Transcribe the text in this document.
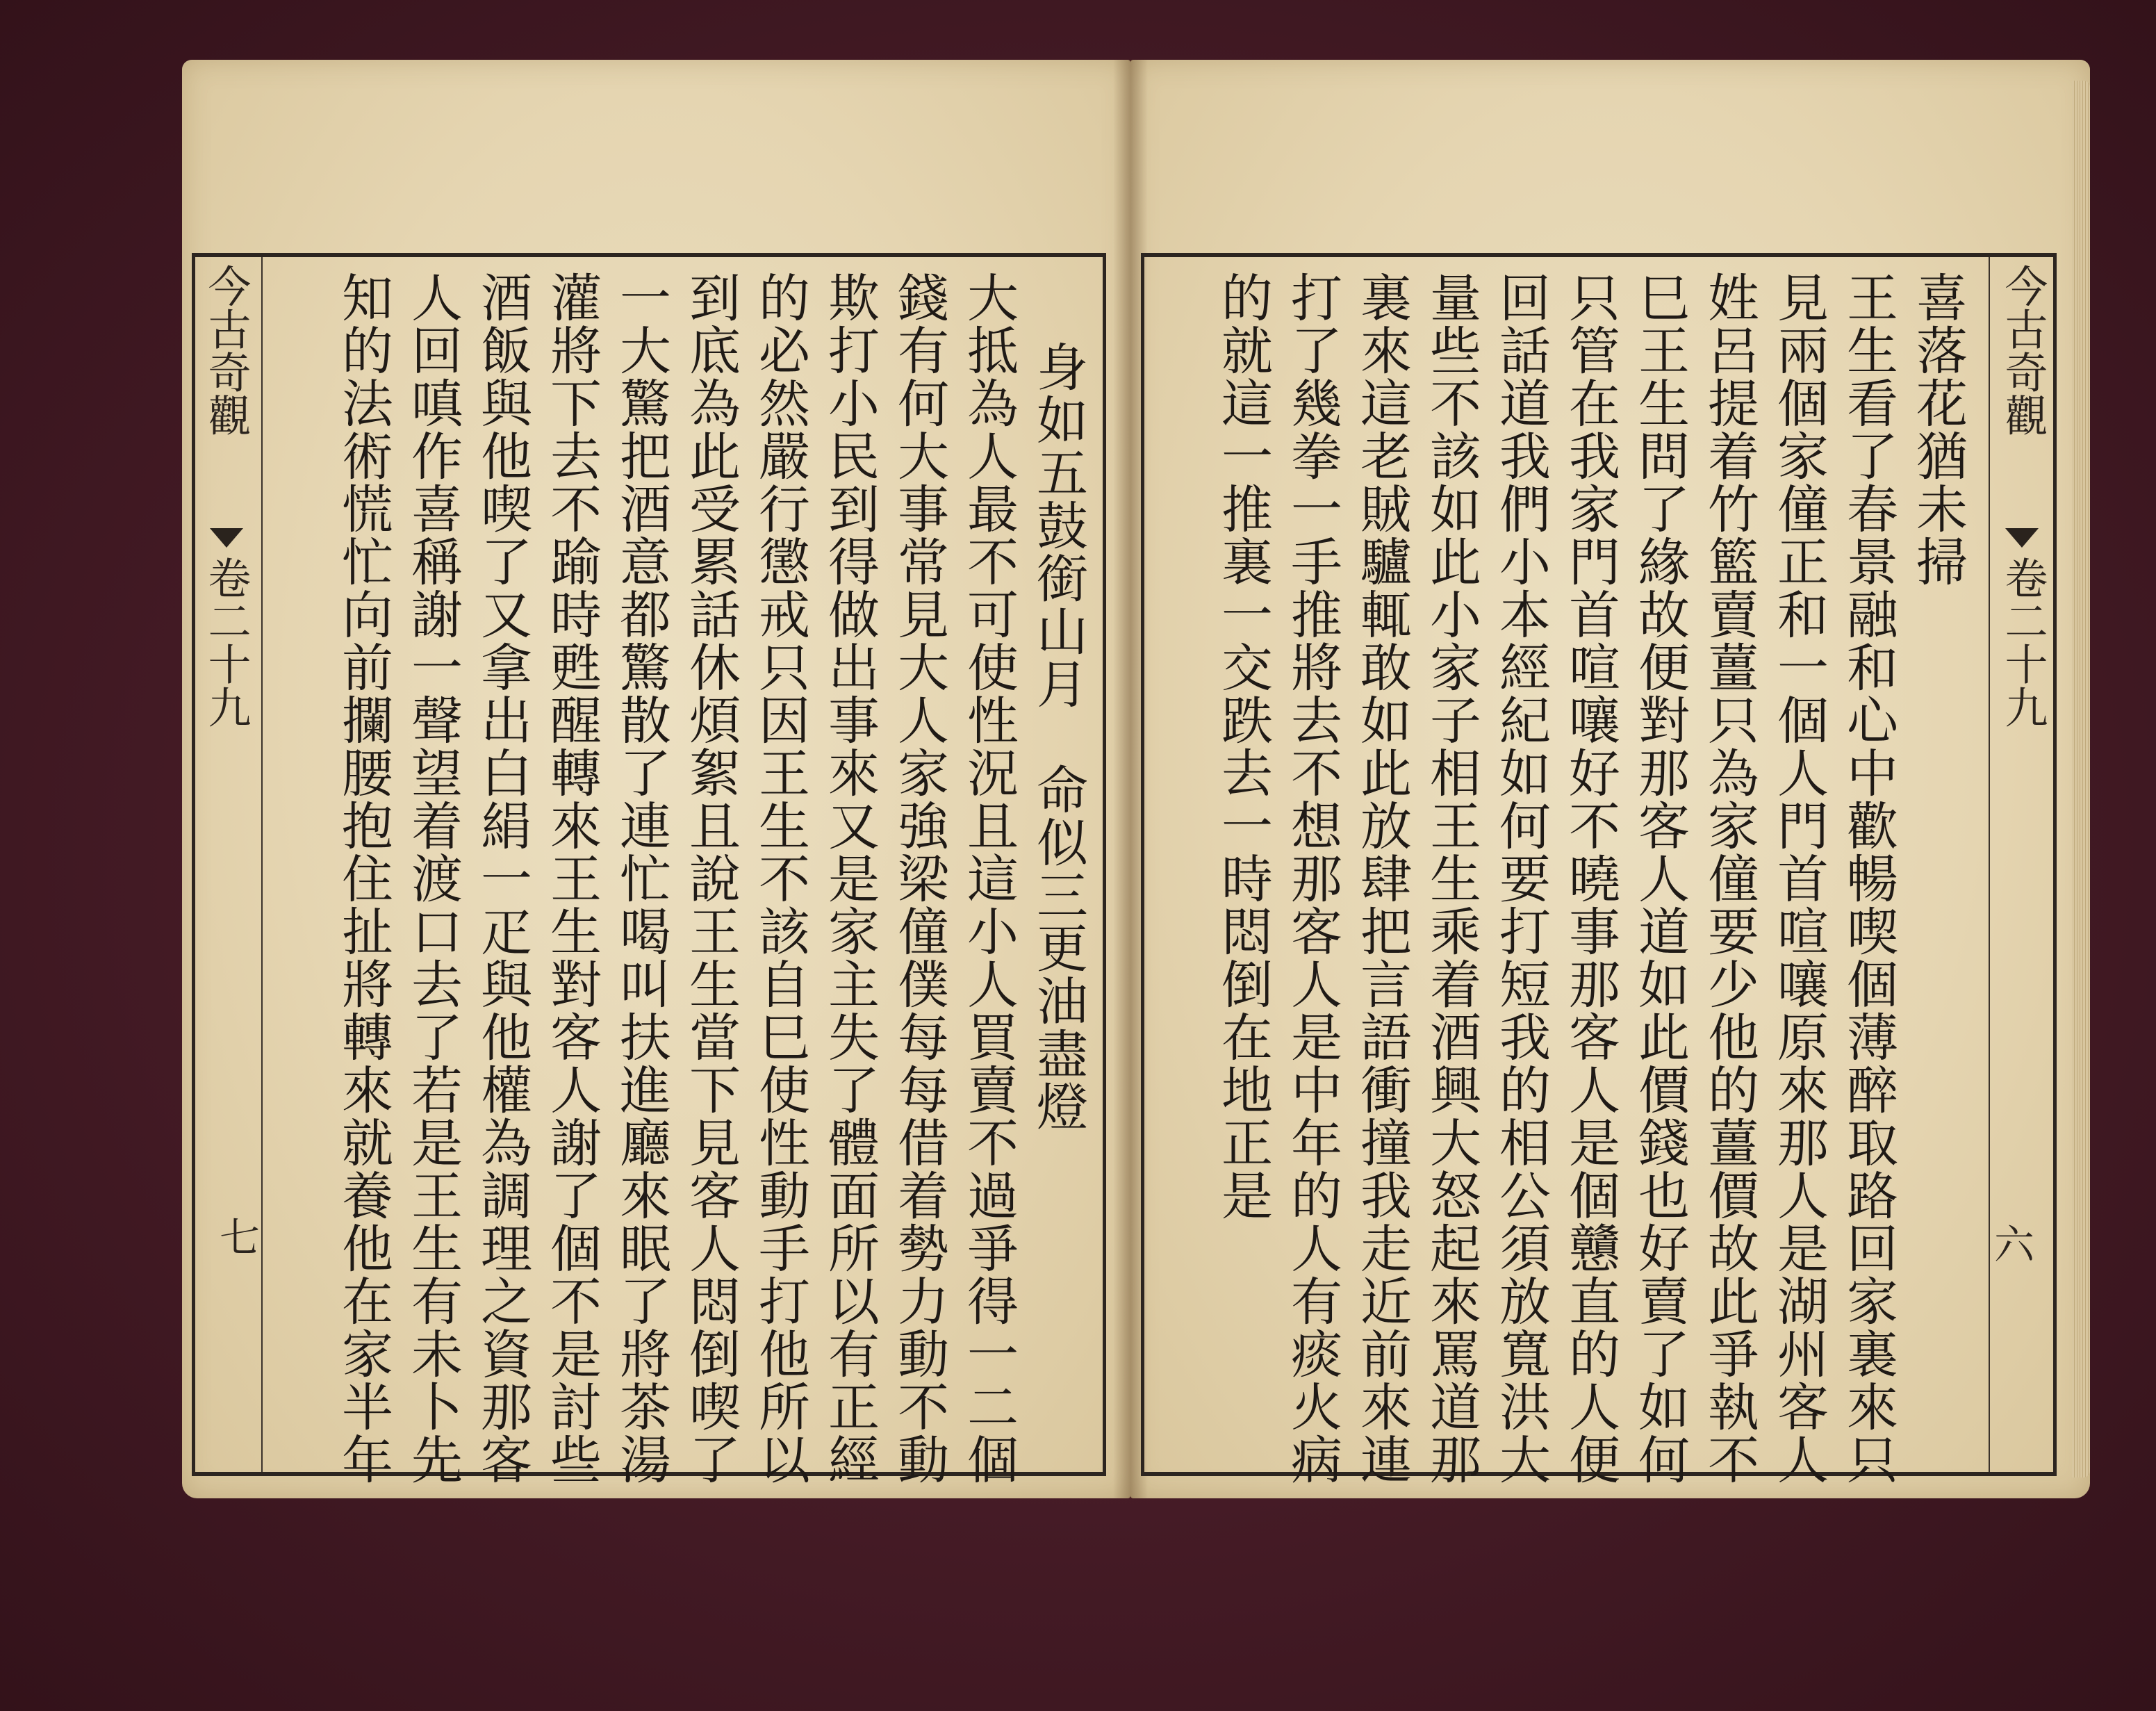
今古奇觀
卷二十九
七
身如五鼓銜山月　命似三更油盡燈
大抵為人最不可使性況且這小人買賣不過爭得一二個
錢有何大事常見大人家強梁僮僕每每借着勢力動不動
欺打小民到得做出事來又是家主失了體面所以有正經
的必然嚴行懲戒只因王生不該自巳使性動手打他所以
到底為此受累話休煩絮且說王生當下見客人悶倒喫了
一大驚把酒意都驚散了連忙喝叫扶進廳來眠了將茶湯
灌將下去不踰時甦醒轉來王生對客人謝了個不是討些
酒飯與他喫了又拿出白絹一疋與他權為調理之資那客
人回嗔作喜稱謝一聲望着渡口去了若是王生有未卜先
知的法術慌忙向前攔腰抱住扯將轉來就養他在家半年	今古奇觀
卷二十九
六
喜落花猶未掃
王生看了春景融和心中歡暢喫個薄醉取路回家裏來只
見兩個家僮正和一個人門首喧嚷原來那人是湖州客人
姓呂提着竹籃賣薑只為家僮要少他的薑價故此爭執不
巳王生問了緣故便對那客人道如此價錢也好賣了如何
只管在我家門首喧嚷好不曉事那客人是個戇直的人便
回話道我們小本經紀如何要打短我的相公須放寬洪大
量些不該如此小家子相王生乘着酒興大怒起來罵道那
裏來這老賊驢輒敢如此放肆把言語衝撞我走近前來連
打了幾拳一手推將去不想那客人是中年的人有痰火病
的就這一推裏一交跌去一時悶倒在地正是
